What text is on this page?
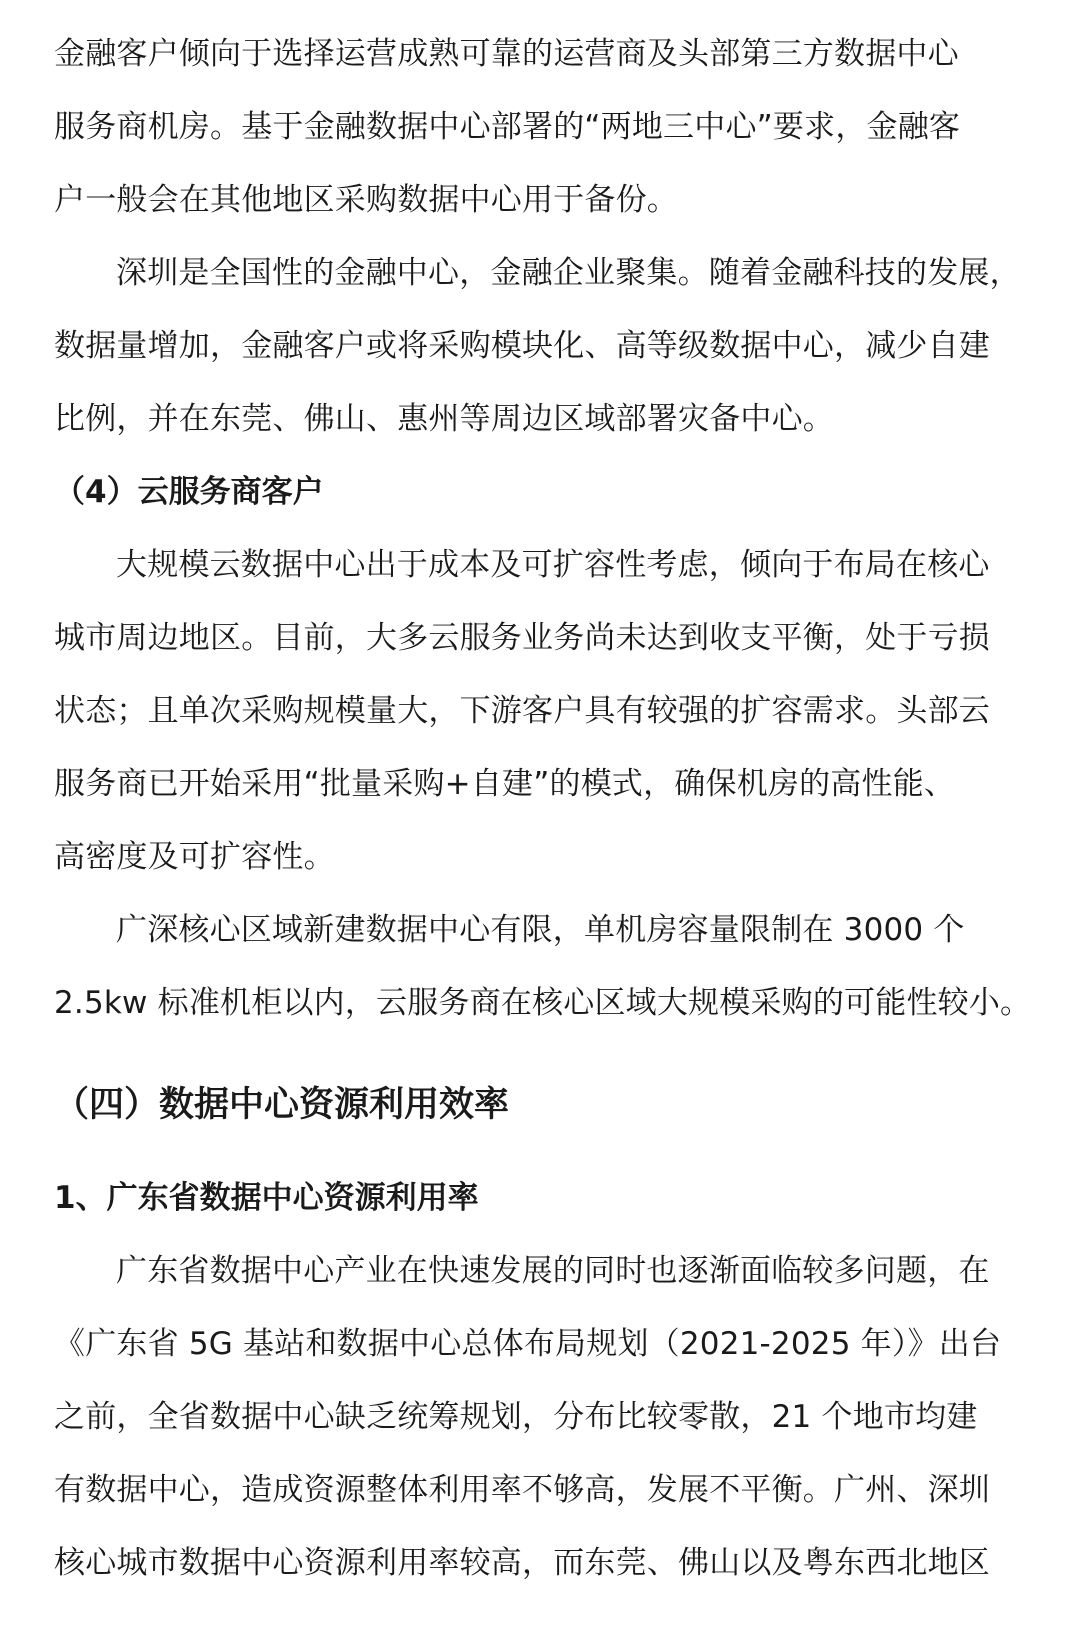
金融客户倾向于选择运营成熟可靠的运营商及头部第三方数据中心
服务商机房。基于金融数据中心部署的“两地三中心”要求，金融客
户一般会在其他地区采购数据中心用于备份。
深圳是全国性的金融中心，金融企业聚集。随着金融科技的发展，
数据量增加，金融客户或将采购模块化、高等级数据中心，减少自建
比例，并在东莞、佛山、惠州等周边区域部署灾备中心。
（4）云服务商客户
大规模云数据中心出于成本及可扩容性考虑，倾向于布局在核心
城市周边地区。目前，大多云服务业务尚未达到收支平衡，处于亏损
状态；且单次采购规模量大，下游客户具有较强的扩容需求。头部云
服务商已开始采用“批量采购+自建”的模式，确保机房的高性能、
高密度及可扩容性。
广深核心区域新建数据中心有限，单机房容量限制在 3000 个
2.5kw 标准机柜以内，云服务商在核心区域大规模采购的可能性较小。
（四）数据中心资源利用效率
1、广东省数据中心资源利用率
广东省数据中心产业在快速发展的同时也逐渐面临较多问题，在
《广东省 5G 基站和数据中心总体布局规划（2021-2025 年）》出台
之前，全省数据中心缺乏统筹规划，分布比较零散，21 个地市均建
有数据中心，造成资源整体利用率不够高，发展不平衡。广州、深圳
核心城市数据中心资源利用率较高，而东莞、佛山以及粤东西北地区
